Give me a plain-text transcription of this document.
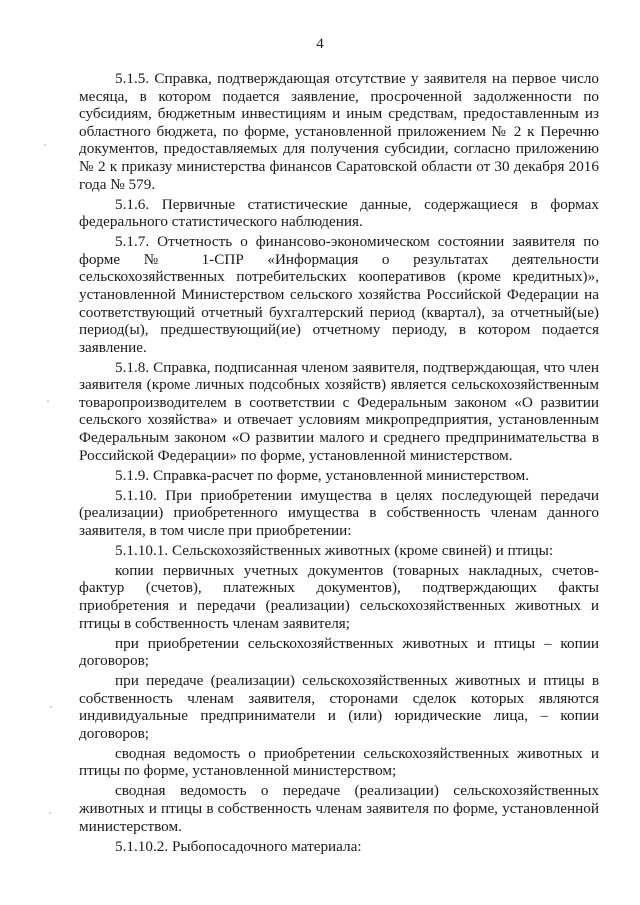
4

5.1.5. Справка, подтверждающая отсутствие у заявителя на первое число месяца, в котором подается заявление, просроченной задолженности по субсидиям, бюджетным инвестициям и иным средствам, предоставленным из областного бюджета, по форме, установленной приложением № 2 к Перечню документов, предоставляемых для получения субсидии, согласно приложению № 2 к приказу министерства финансов Саратовской области от 30 декабря 2016 года № 579.

5.1.6. Первичные статистические данные, содержащиеся в формах федерального статистического наблюдения.

5.1.7. Отчетность о финансово-экономическом состоянии заявителя по форме № 1-СПР «Информация о результатах деятельности сельскохозяйственных потребительских кооперативов (кроме кредитных)», установленной Министерством сельского хозяйства Российской Федерации на соответствующий отчетный бухгалтерский период (квартал), за отчетный(ые) период(ы), предшествующий(ие) отчетному периоду, в котором подается заявление.

5.1.8. Справка, подписанная членом заявителя, подтверждающая, что член заявителя (кроме личных подсобных хозяйств) является сельскохозяйственным товаропроизводителем в соответствии с Федеральным законом «О развитии сельского хозяйства» и отвечает условиям микропредприятия, установленным Федеральным законом «О развитии малого и среднего предпринимательства в Российской Федерации» по форме, установленной министерством.

5.1.9. Справка-расчет по форме, установленной министерством.

5.1.10. При приобретении имущества в целях последующей передачи (реализации) приобретенного имущества в собственность членам данного заявителя, в том числе при приобретении:

5.1.10.1. Сельскохозяйственных животных (кроме свиней) и птицы:

копии первичных учетных документов (товарных накладных, счетов-фактур (счетов), платежных документов), подтверждающих факты приобретения и передачи (реализации) сельскохозяйственных животных и птицы в собственность членам заявителя;

при приобретении сельскохозяйственных животных и птицы – копии договоров;

при передаче (реализации) сельскохозяйственных животных и птицы в собственность членам заявителя, сторонами сделок которых являются индивидуальные предприниматели и (или) юридические лица, – копии договоров;

сводная ведомость о приобретении сельскохозяйственных животных и птицы по форме, установленной министерством;

сводная ведомость о передаче (реализации) сельскохозяйственных животных и птицы в собственность членам заявителя по форме, установленной министерством.

5.1.10.2. Рыбопосадочного материала:
